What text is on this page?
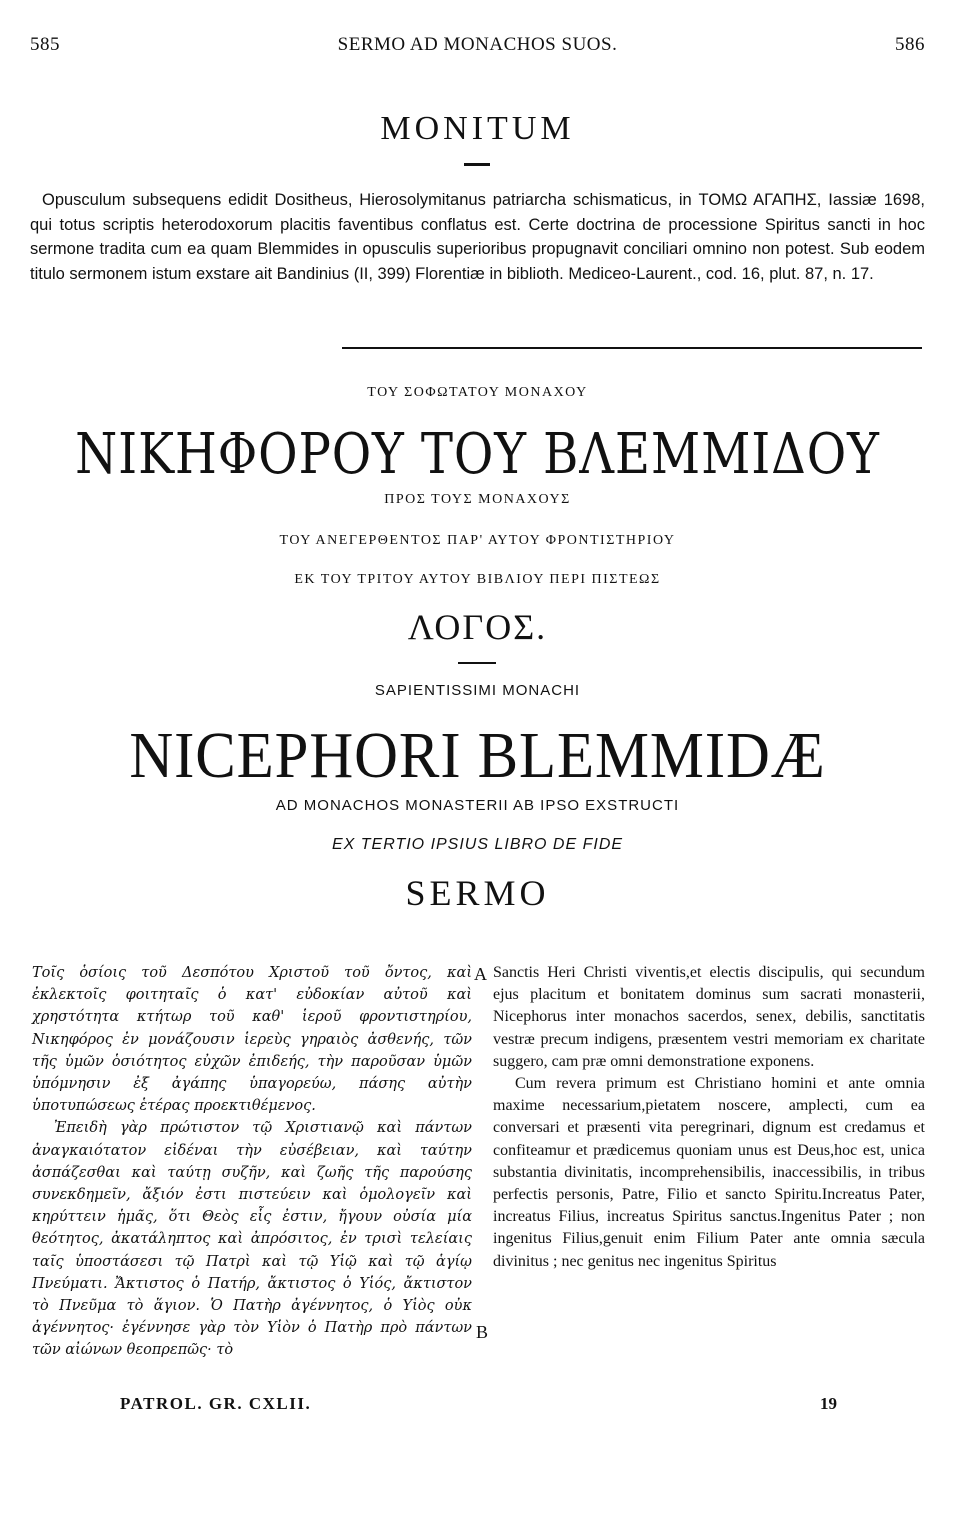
585	SERMO AD MONACHOS SUOS.	586
MONITUM
Opusculum subsequens edidit Dositheus, Hierosolymitanus patriarcha schismaticus, in ΤΟΜΩ ΑΓΑΠΗΣ, Iassiæ 1698, qui totus scriptis heterodoxorum placitis faventibus conflatus est. Certe doctrina de processione Spiritus sancti in hoc sermone tradita cum ea quam Blemmides in opusculis superioribus propugnavit conciliari omnino non potest. Sub eodem titulo sermonem istum exstare ait Bandinius (II, 399) Florentiæ in biblioth. Mediceo-Laurent., cod. 16, plut. 87, n. 17.
ΤΟΥ ΣΟΦΩΤΑΤΟΥ ΜΟΝΑΧΟΥ
ΝΙΚΗΦΟΡΟΥ ΤΟΥ ΒΛΕΜΜΙΔΟΥ
ΠΡΟΣ ΤΟΥΣ ΜΟΝΑΧΟΥΣ
ΤΟΥ ΑΝΕΓΕΡΘΕΝΤΟΣ ΠΑΡ' ΑΥΤΟΥ ΦΡΟΝΤΙΣΤΗΡΙΟΥ
ΕΚ ΤΟΥ ΤΡΙΤΟΥ ΑΥΤΟΥ ΒΙΒΛΙΟΥ ΠΕΡΙ ΠΙΣΤΕΩΣ
ΛΟΓΟΣ.
SAPIENTISSIMI MONACHI
NICEPHORI BLEMMIDÆ
AD MONACHOS MONASTERII AB IPSO EXSTRUCTI
EX TERTIO IPSIUS LIBRO DE FIDE
SERMO

Τοῖς ὁσίοις τοῦ Δεσπότου Χριστοῦ τοῦ ὄντος, καὶ ἐκλεκτοῖς φοιτηταῖς ὁ κατ' εὐδοκίαν αὐτοῦ καὶ χρηστότητα κτήτωρ τοῦ καθ' ἱεροῦ φροντιστηρίου, Νικηφόρος ἐν μονάζουσιν ἱερεὺς γηραιὸς ἀσθενής, τῶν τῆς ὑμῶν ὁσιότητος εὐχῶν ἐπιδεής, τὴν παροῦσαν ὑμῶν ὑπόμνησιν ἐξ ἀγάπης ὑπαγορεύω, πάσης αὐτὴν ὑποτυπώσεως ἑτέρας προεκτιθέμενος.

Ἐπειδὴ γὰρ πρώτιστον τῷ Χριστιανῷ καὶ πάντων ἀναγκαιότατον εἰδέναι τὴν εὐσέβειαν, καὶ ταύτην ἀσπάζεσθαι καὶ ταύτῃ συζῆν, καὶ ζωῆς τῆς παρούσης συνεκδημεῖν, ἄξιόν ἐστι πιστεύειν καὶ ὁμολογεῖν καὶ κηρύττειν ἡμᾶς, ὅτι Θεὸς εἷς ἐστιν, ἤγουν οὐσία μία θεότητος, ἀκατάληπτος καὶ ἀπρόσιτος, ἐν τρισὶ τελείαις ταῖς ὑποστάσεσι τῷ Πατρὶ καὶ τῷ Υἱῷ καὶ τῷ ἁγίῳ Πνεύματι. Ἄκτιστος ὁ Πατήρ, ἄκτιστος ὁ Υἱός, ἄκτιστον τὸ Πνεῦμα τὸ ἅγιον. Ὁ Πατὴρ ἀγέννητος, ὁ Υἱὸς οὐκ ἀγέννητος· ἐγέννησε γὰρ τὸν Υἱὸν ὁ Πατὴρ πρὸ πάντων τῶν αἰώνων θεοπρεπῶς· τὸ

A
B

Sanctis Heri Christi viventis,et electis discipulis, qui secundum ejus placitum et bonitatem dominus sum sacrati monasterii, Nicephorus inter monachos sacerdos, senex, debilis, sanctitatis vestræ precum indigens, præsentem vestri memoriam ex charitate suggero, cam præ omni demonstratione exponens.

Cum revera primum est Christiano homini et ante omnia maxime necessarium,pietatem noscere, amplecti, cum ea conversari et præsenti vita peregrinari, dignum est credamus et confiteamur et prædicemus quoniam unus est Deus,hoc est, unica substantia divinitatis, incomprehensibilis, inaccessibilis, in tribus perfectis personis, Patre, Filio et sancto Spiritu.Increatus Pater, increatus Filius, increatus Spiritus sanctus.Ingenitus Pater ; non ingenitus Filius,genuit enim Filium Pater ante omnia sæcula divinitus ; nec genitus nec ingenitus Spiritus

PATROL. GR. CXLII.	19
